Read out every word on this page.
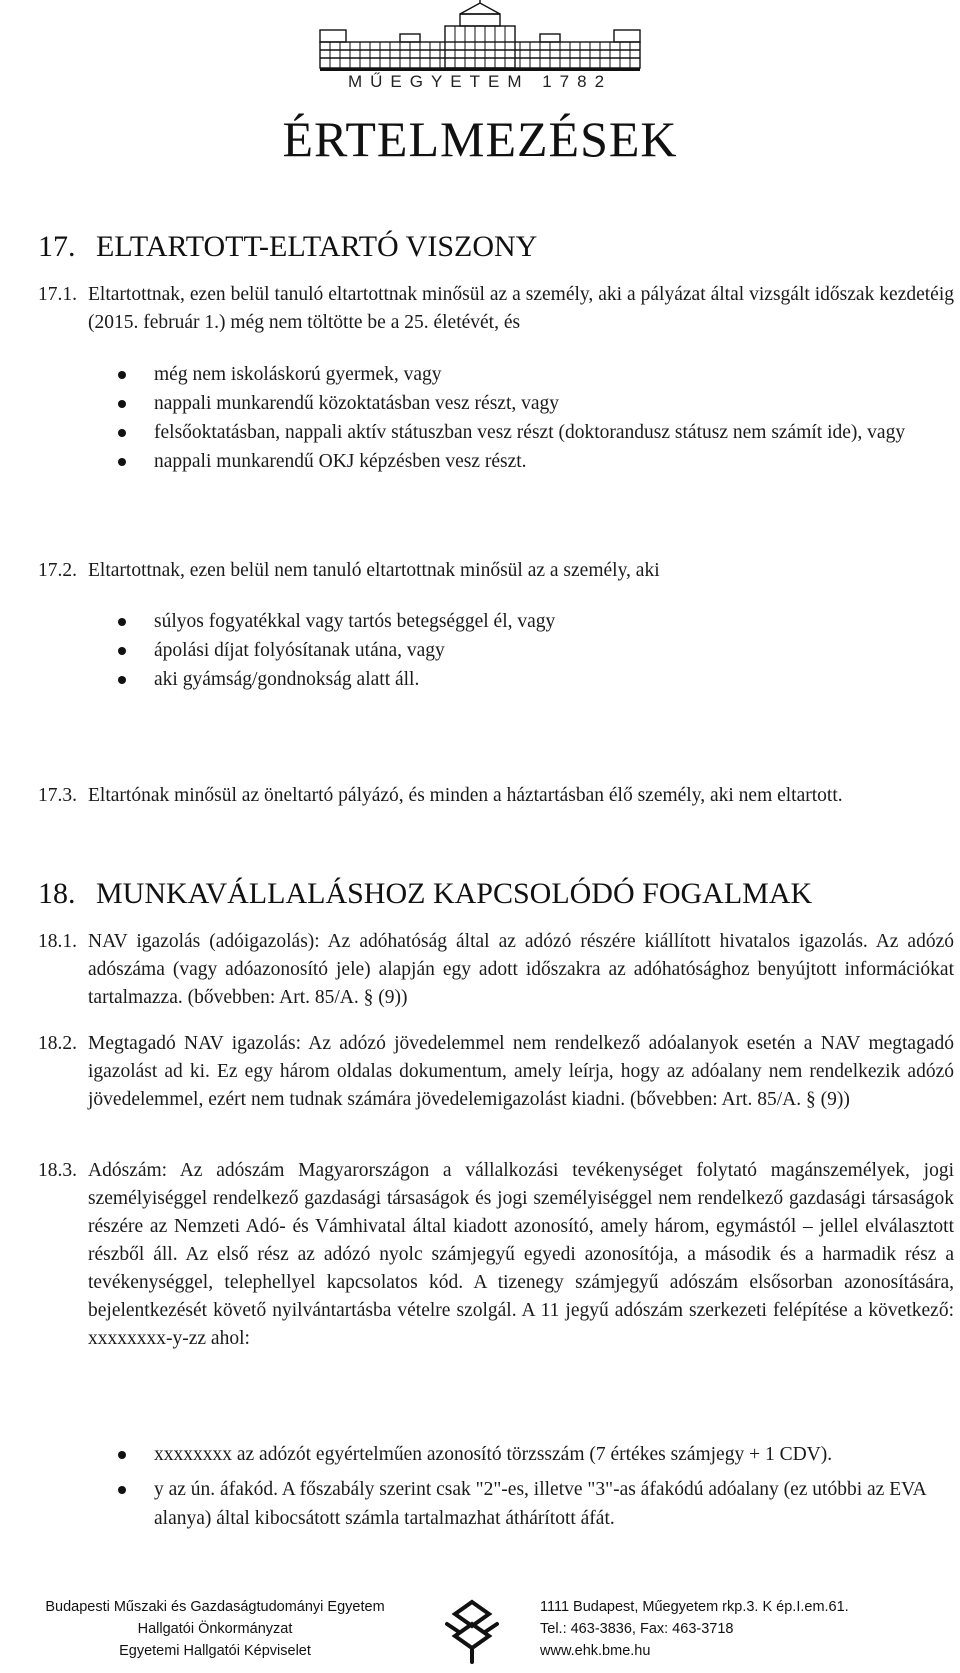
MŰEGYETEM 1782
ÉRTELMEZÉSEK
17. ELTARTOTT-ELTARTÓ VISZONY
17.1. Eltartottnak, ezen belül tanuló eltartottnak minősül az a személy, aki a pályázat által vizsgált időszak kezdetéig (2015. február 1.) még nem töltötte be a 25. életévét, és
még nem iskoláskorú gyermek, vagy
nappali munkarendű közoktatásban vesz részt, vagy
felsőoktatásban, nappali aktív státuszban vesz részt (doktorandusz státusz nem számít ide), vagy
nappali munkarendű OKJ képzésben vesz részt.
17.2. Eltartottnak, ezen belül nem tanuló eltartottnak minősül az a személy, aki
súlyos fogyatékkal vagy tartós betegséggel él, vagy
ápolási díjat folyósítanak utána, vagy
aki gyámság/gondnokság alatt áll.
17.3. Eltartónak minősül az öneltartó pályázó, és minden a háztartásban élő személy, aki nem eltartott.
18. MUNKAVÁLLALÁSHOZ KAPCSOLÓDÓ FOGALMAK
18.1. NAV igazolás (adóigazolás): Az adóhatóság által az adózó részére kiállított hivatalos igazolás. Az adózó adószáma (vagy adóazonosító jele) alapján egy adott időszakra az adóhatósághoz benyújtott információkat tartalmazza. (bővebben: Art. 85/A. § (9))
18.2. Megtagadó NAV igazolás: Az adózó jövedelemmel nem rendelkező adóalanyok esetén a NAV megtagadó igazolást ad ki. Ez egy három oldalas dokumentum, amely leírja, hogy az adóalany nem rendelkezik adózó jövedelemmel, ezért nem tudnak számára jövedelemigazolást kiadni. (bővebben: Art. 85/A. § (9))
18.3. Adószám: Az adószám Magyarországon a vállalkozási tevékenységet folytató magánszemélyek, jogi személyiséggel rendelkező gazdasági társaságok és jogi személyiséggel nem rendelkező gazdasági társaságok részére az Nemzeti Adó- és Vámhivatal által kiadott azonosító, amely három, egymástól – jellel elválasztott részből áll. Az első rész az adózó nyolc számjegyű egyedi azonosítója, a második és a harmadik rész a tevékenységgel, telephellyel kapcsolatos kód. A tizenegy számjegyű adószám elsősorban azonosítására, bejelentkezését követő nyilvántartásba vételre szolgál. A 11 jegyű adószám szerkezeti felépítése a következő: xxxxxxxx-y-zz ahol:
xxxxxxxx az adózót egyértelműen azonosító törzsszám (7 értékes számjegy + 1 CDV).
y az ún. áfakód. A főszabály szerint csak "2"-es, illetve "3"-as áfakódú adóalany (ez utóbbi az EVA alanya) által kibocsátott számla tartalmazhat áthárított áfát.
Budapesti Műszaki és Gazdaságtudományi Egyetem
Hallgatói Önkormányzat
Egyetemi Hallgatói Képviselet
1111 Budapest, Műegyetem rkp.3. K ép.I.em.61.
Tel.: 463-3836, Fax: 463-3718
www.ehk.bme.hu
